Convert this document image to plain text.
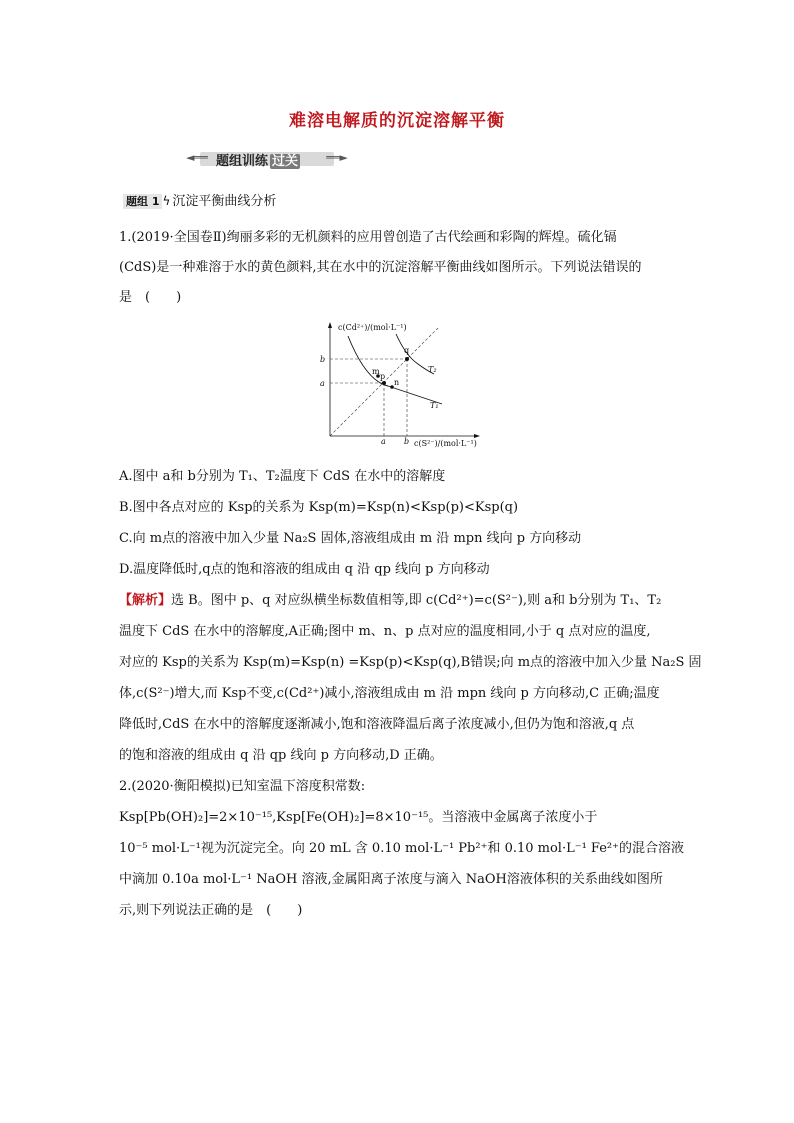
难溶电解质的沉淀溶解平衡
◄══ 题组训练 过关	══►
题组 1 ϟ 沉淀平衡曲线分析
1.(2019·全国卷Ⅱ)绚丽多彩的无机颜料的应用曾创造了古代绘画和彩陶的辉煌。硫化镉
(CdS)是一种难溶于水的黄色颜料,其在水中的沉淀溶解平衡曲线如图所示。下列说法错误的
是　(　　)
c(Cd²⁺)/(mol·L⁻¹)
c(S²⁻)/(mol·L⁻¹)
b
a
a b
m
p
n
q
T₂
T₁
A.图中 a和 b分别为 T₁、T₂温度下 CdS 在水中的溶解度
B.图中各点对应的 Ksp的关系为 Ksp(m)=Ksp(n)<Ksp(p)<Ksp(q)
C.向 m点的溶液中加入少量 Na₂S 固体,溶液组成由 m 沿 mpn 线向 p 方向移动
D.温度降低时,q点的饱和溶液的组成由 q 沿 qp 线向 p 方向移动
【解析】选 B。图中 p、q 对应纵横坐标数值相等,即 c(Cd²⁺)=c(S²⁻),则 a和 b分别为 T₁、T₂
温度下 CdS 在水中的溶解度,A正确;图中 m、n、p 点对应的温度相同,小于 q 点对应的温度,
对应的 Ksp的关系为 Ksp(m)=Ksp(n) =Ksp(p)<Ksp(q),B错误;向 m点的溶液中加入少量 Na₂S 固
体,c(S²⁻)增大,而 Ksp不变,c(Cd²⁺)减小,溶液组成由 m 沿 mpn 线向 p 方向移动,C 正确;温度
降低时,CdS 在水中的溶解度逐渐减小,饱和溶液降温后离子浓度减小,但仍为饱和溶液,q 点
的饱和溶液的组成由 q 沿 qp 线向 p 方向移动,D 正确。
2.(2020·衡阳模拟)已知室温下溶度积常数:
Ksp[Pb(OH)₂]=2×10⁻¹⁵,Ksp[Fe(OH)₂]=8×10⁻¹⁵。当溶液中金属离子浓度小于
10⁻⁵ mol·L⁻¹视为沉淀完全。向 20 mL 含 0.10 mol·L⁻¹ Pb²⁺和 0.10 mol·L⁻¹ Fe²⁺的混合溶液
中滴加 0.10a mol·L⁻¹ NaOH 溶液,金属阳离子浓度与滴入 NaOH溶液体积的关系曲线如图所
示,则下列说法正确的是　(　　)
